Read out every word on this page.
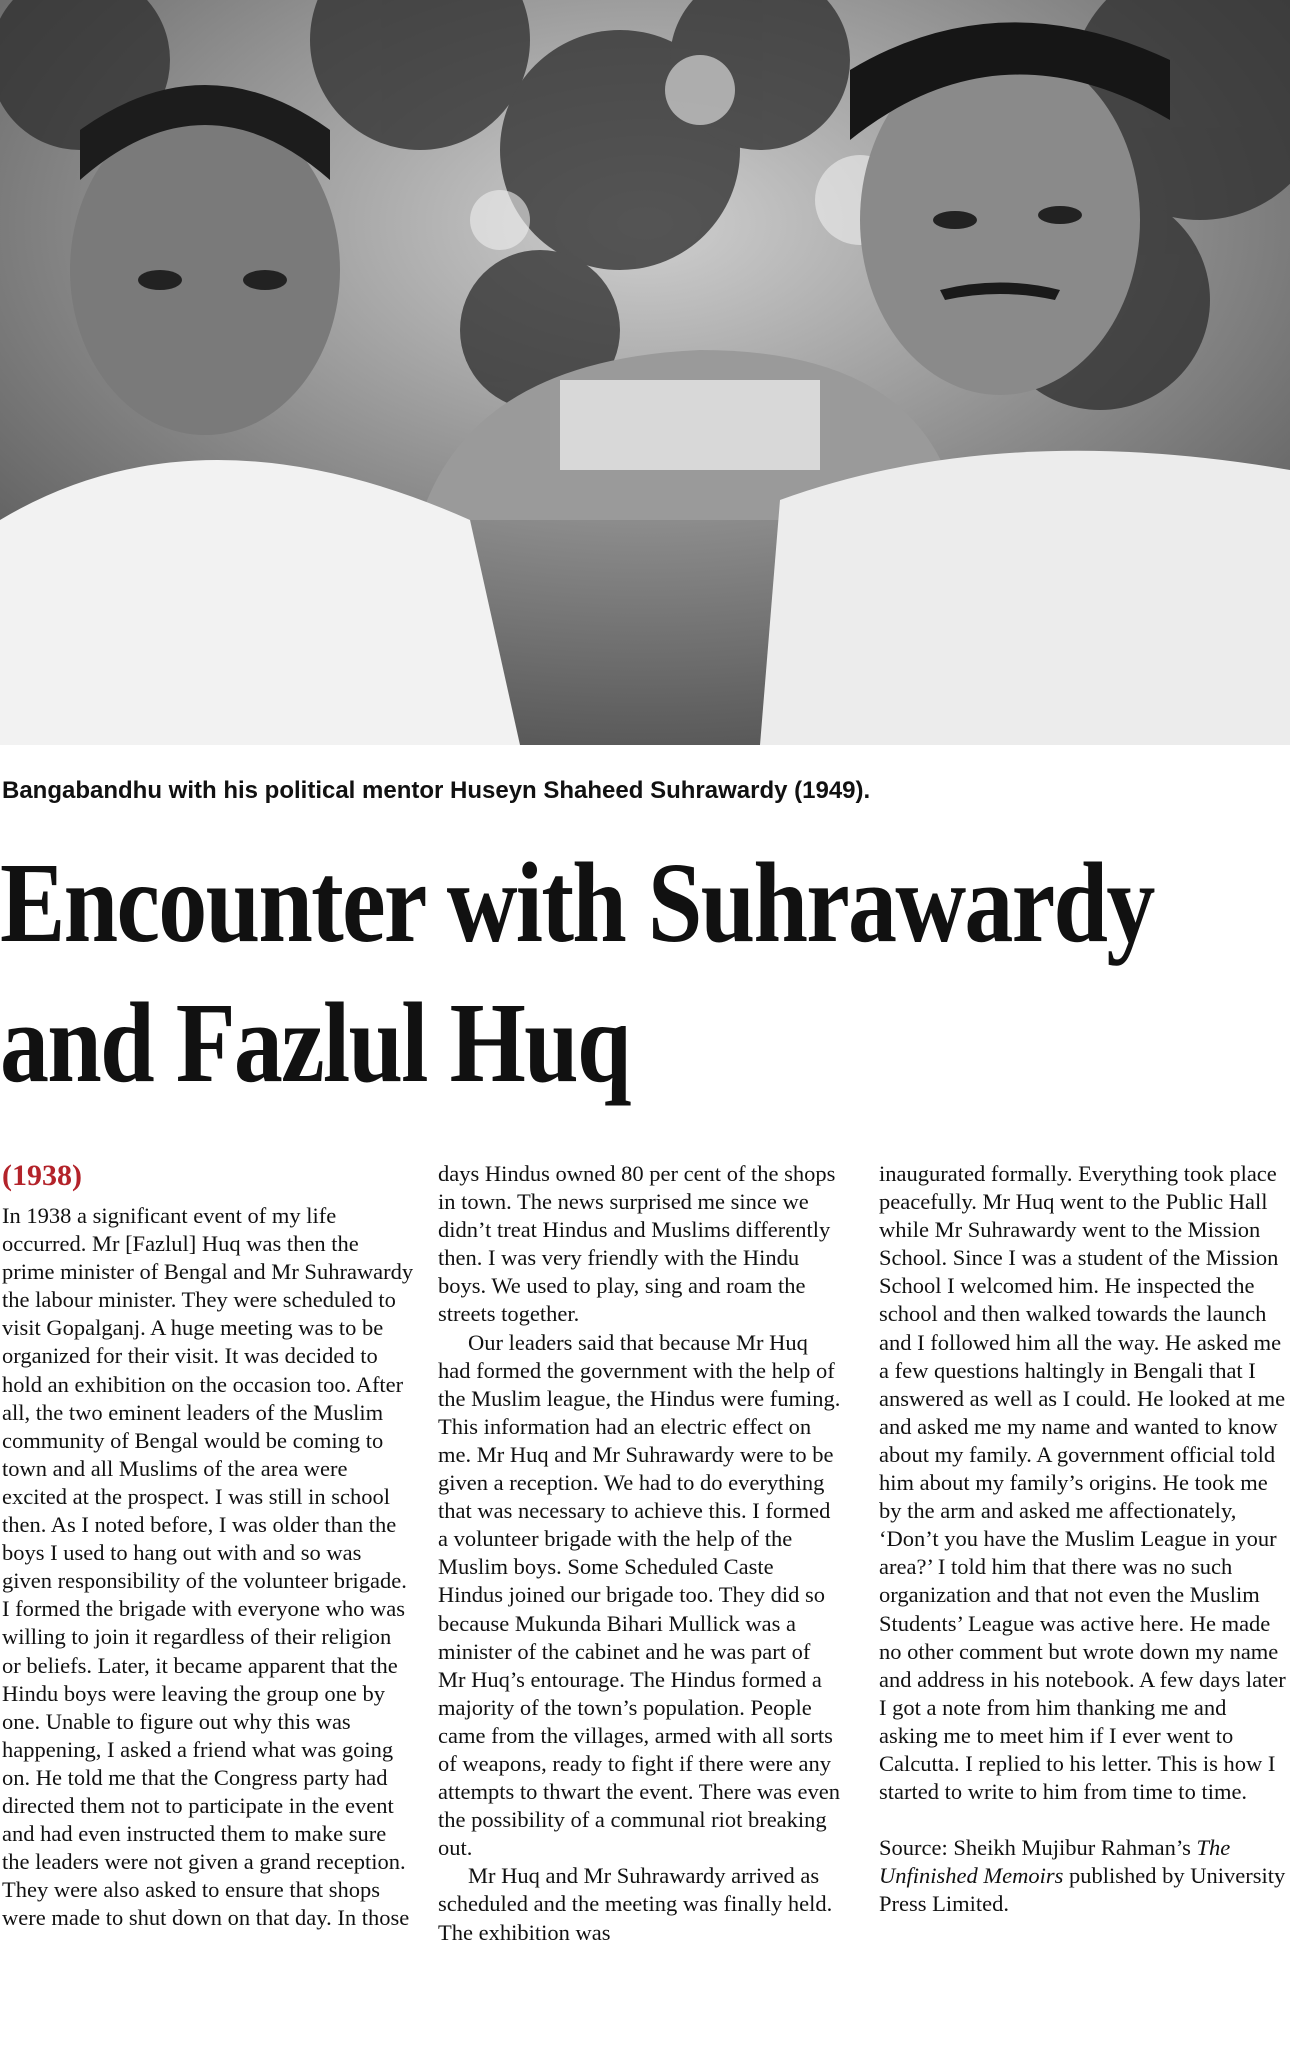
Bangabandhu with his political mentor Huseyn Shaheed Suhrawardy (1949).
Encounter with Suhrawardy
and Fazlul Huq
(1938)

In 1938 a significant event of my life occurred. Mr [Fazlul] Huq was then the prime minister of Bengal and Mr Suhrawardy the labour minister. They were scheduled to visit Gopalganj. A huge meeting was to be organized for their visit. It was decided to hold an exhibition on the occasion too. After all, the two eminent leaders of the Muslim community of Bengal would be coming to town and all Muslims of the area were excited at the prospect. I was still in school then. As I noted before, I was older than the boys I used to hang out with and so was given responsibility of the volunteer brigade. I formed the brigade with everyone who was willing to join it regardless of their religion or beliefs. Later, it became apparent that the Hindu boys were leaving the group one by one. Unable to figure out why this was happening, I asked a friend what was going on. He told me that the Congress party had directed them not to participate in the event and had even instructed them to make sure the leaders were not given a grand reception. They were also asked to ensure that shops were made to shut down on that day. In those

days Hindus owned 80 per cent of the shops in town. The news surprised me since we didn’t treat Hindus and Muslims differently then. I was very friendly with the Hindu boys. We used to play, sing and roam the streets together.

Our leaders said that because Mr Huq had formed the government with the help of the Muslim league, the Hindus were fuming. This information had an electric effect on me. Mr Huq and Mr Suhrawardy were to be given a reception. We had to do everything that was necessary to achieve this. I formed a volunteer brigade with the help of the Muslim boys. Some Scheduled Caste Hindus joined our brigade too. They did so because Mukunda Bihari Mullick was a minister of the cabinet and he was part of Mr Huq’s entourage. The Hindus formed a majority of the town’s population. People came from the villages, armed with all sorts of weapons, ready to fight if there were any attempts to thwart the event. There was even the possibility of a communal riot breaking out.

Mr Huq and Mr Suhrawardy arrived as scheduled and the meeting was finally held. The exhibition was

inaugurated formally. Everything took place peacefully. Mr Huq went to the Public Hall while Mr Suhrawardy went to the Mission School. Since I was a student of the Mission School I welcomed him. He inspected the school and then walked towards the launch and I followed him all the way. He asked me a few questions haltingly in Bengali that I answered as well as I could. He looked at me and asked me my name and wanted to know about my family. A government official told him about my family’s origins. He took me by the arm and asked me affectionately, ‘Don’t you have the Muslim League in your area?’ I told him that there was no such organization and that not even the Muslim Students’ League was active here. He made no other comment but wrote down my name and address in his notebook. A few days later I got a note from him thanking me and asking me to meet him if I ever went to Calcutta. I replied to his letter. This is how I started to write to him from time to time.

Source: Sheikh Mujibur Rahman’s The Unfinished Memoirs published by University Press Limited.
